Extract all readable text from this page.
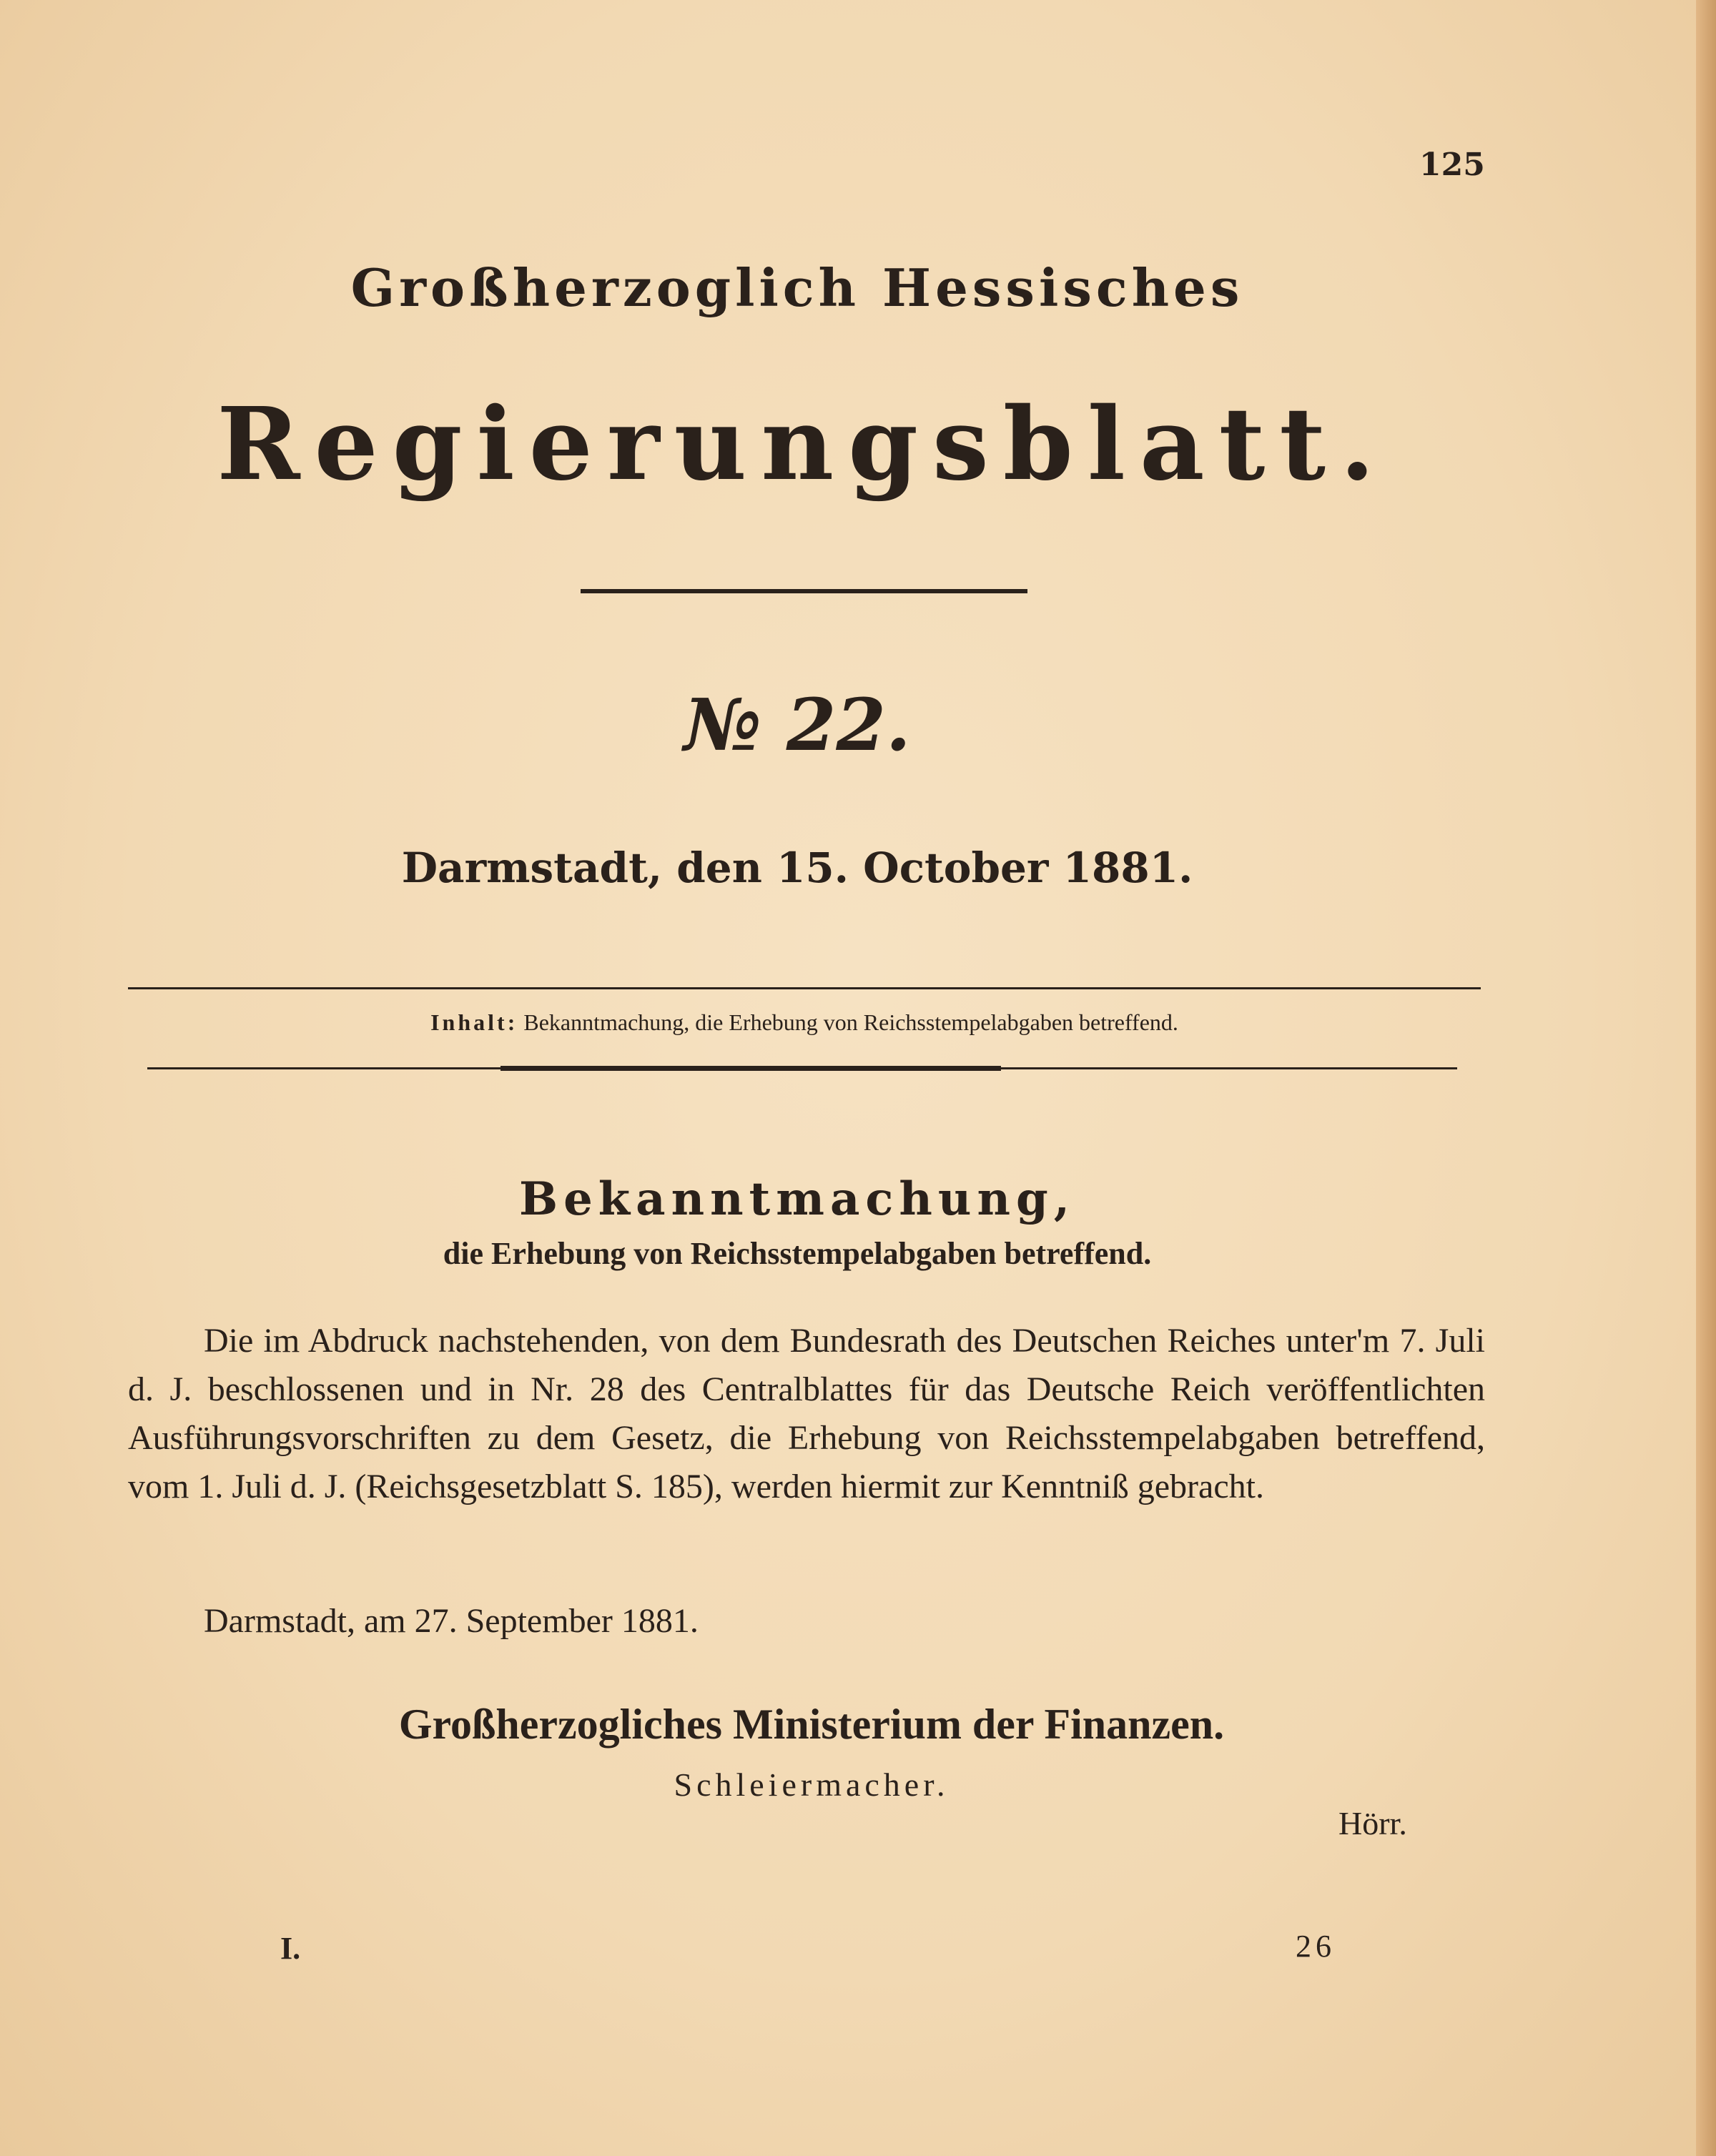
125
Großherzoglich Hessisches
Regierungsblatt.
№ 22.
Darmstadt, den 15. October 1881.
Inhalt: Bekanntmachung, die Erhebung von Reichsstempelabgaben betreffend.
Bekanntmachung,
die Erhebung von Reichsstempelabgaben betreffend.

Die im Abdruck nachstehenden, von dem Bundesrath des Deutschen Reiches unter'm 7. Juli d. J. beschlossenen und in Nr. 28 des Centralblattes für das Deutsche Reich veröffentlichten Ausführungsvorschriften zu dem Gesetz, die Erhebung von Reichsstempelabgaben betreffend, vom 1. Juli d. J. (Reichsgesetzblatt S. 185), werden hiermit zur Kenntniß gebracht.

Darmstadt, am 27. September 1881.
Großherzogliches Ministerium der Finanzen.
Schleiermacher.
Hörr.
I.	26
